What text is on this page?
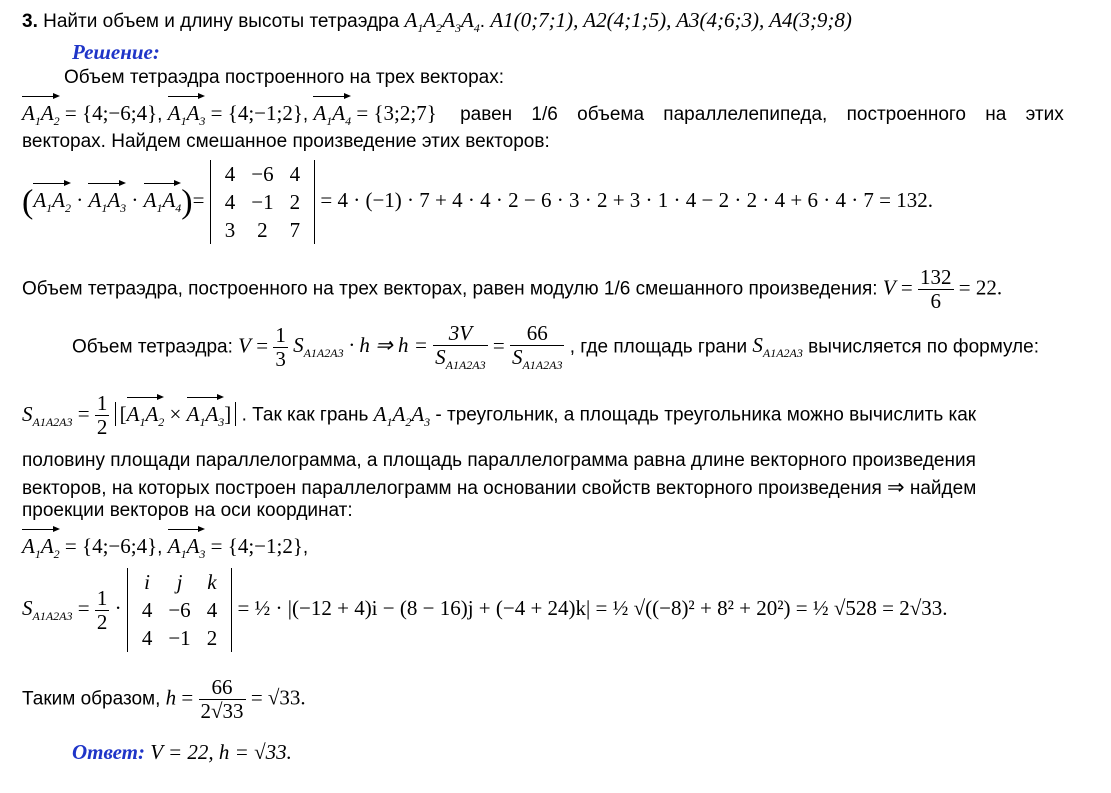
3. Найти объем и длину высоты тетраэдра $A_1A_2A_3A_4$. A1(0;7;1), A2(4;1;5), A3(4;6;3), A4(3;9;8)
Решение:
Объем тетраэдра построенного на трех векторах:
$A_1A_2$ = {4;−6;4}, $A_1A_3$ = {4;−1;2}, $A_1A_4$ = {3;2;7} равен 1/6 объема параллелепипеда, построенного на этих
векторах. Найдем смешанное произведение этих векторов:
$(A_1A_2 \cdot A_1A_3 \cdot A_1A_4)=$
4	−6	4
4	−1	2
3	2	7
= 4 · (−1) · 7 + 4 · 4 · 2 − 6 · 3 · 2 + 3 · 1 · 4 − 2 · 2 · 4 + 6 · 4 · 7 = 132.
Объем тетраэдра, построенного на трех векторах, равен модулю 1/6 смешанного произведения: $V = \frac{132}{6} = 22$.
Объем тетраэдра: $V = \frac{1}{3} S_{A1A2A3} \cdot h$ ⇒ $h = \frac{3V}{S_{A1A2A3}} = \frac{66}{S_{A1A2A3}}$ , где площадь грани $S_{A1A2A3}$ вычисляется по формуле:
$S_{A1A2A3} = \frac{1}{2} [A_1A_2 \times A_1A_3]$ . Так как грань $A_1A_2A_3$ - треугольник, а площадь треугольника можно вычислить как
половину площади параллелограмма, а площадь параллелограмма равна длине векторного произведения
векторов, на которых построен параллелограмм на основании свойств векторного произведения ⇒ найдем
проекции векторов на оси координат:
$A_1A_2$ = {4;−6;4}, $A_1A_3$ = {4;−1;2},
$S_{A1A2A3} = \frac{1}{2}$ ·
i	j	k
4	−6	4
4	−1	2
= ½ · |(−12 + 4)i − (8 − 16)j + (−4 + 24)k| = ½ √((−8)² + 8² + 20²) = ½ √528 = 2√33.
Таким образом, $h = \frac{66}{2√33} = √33$.
Ответ: V = 22, h = √33.
